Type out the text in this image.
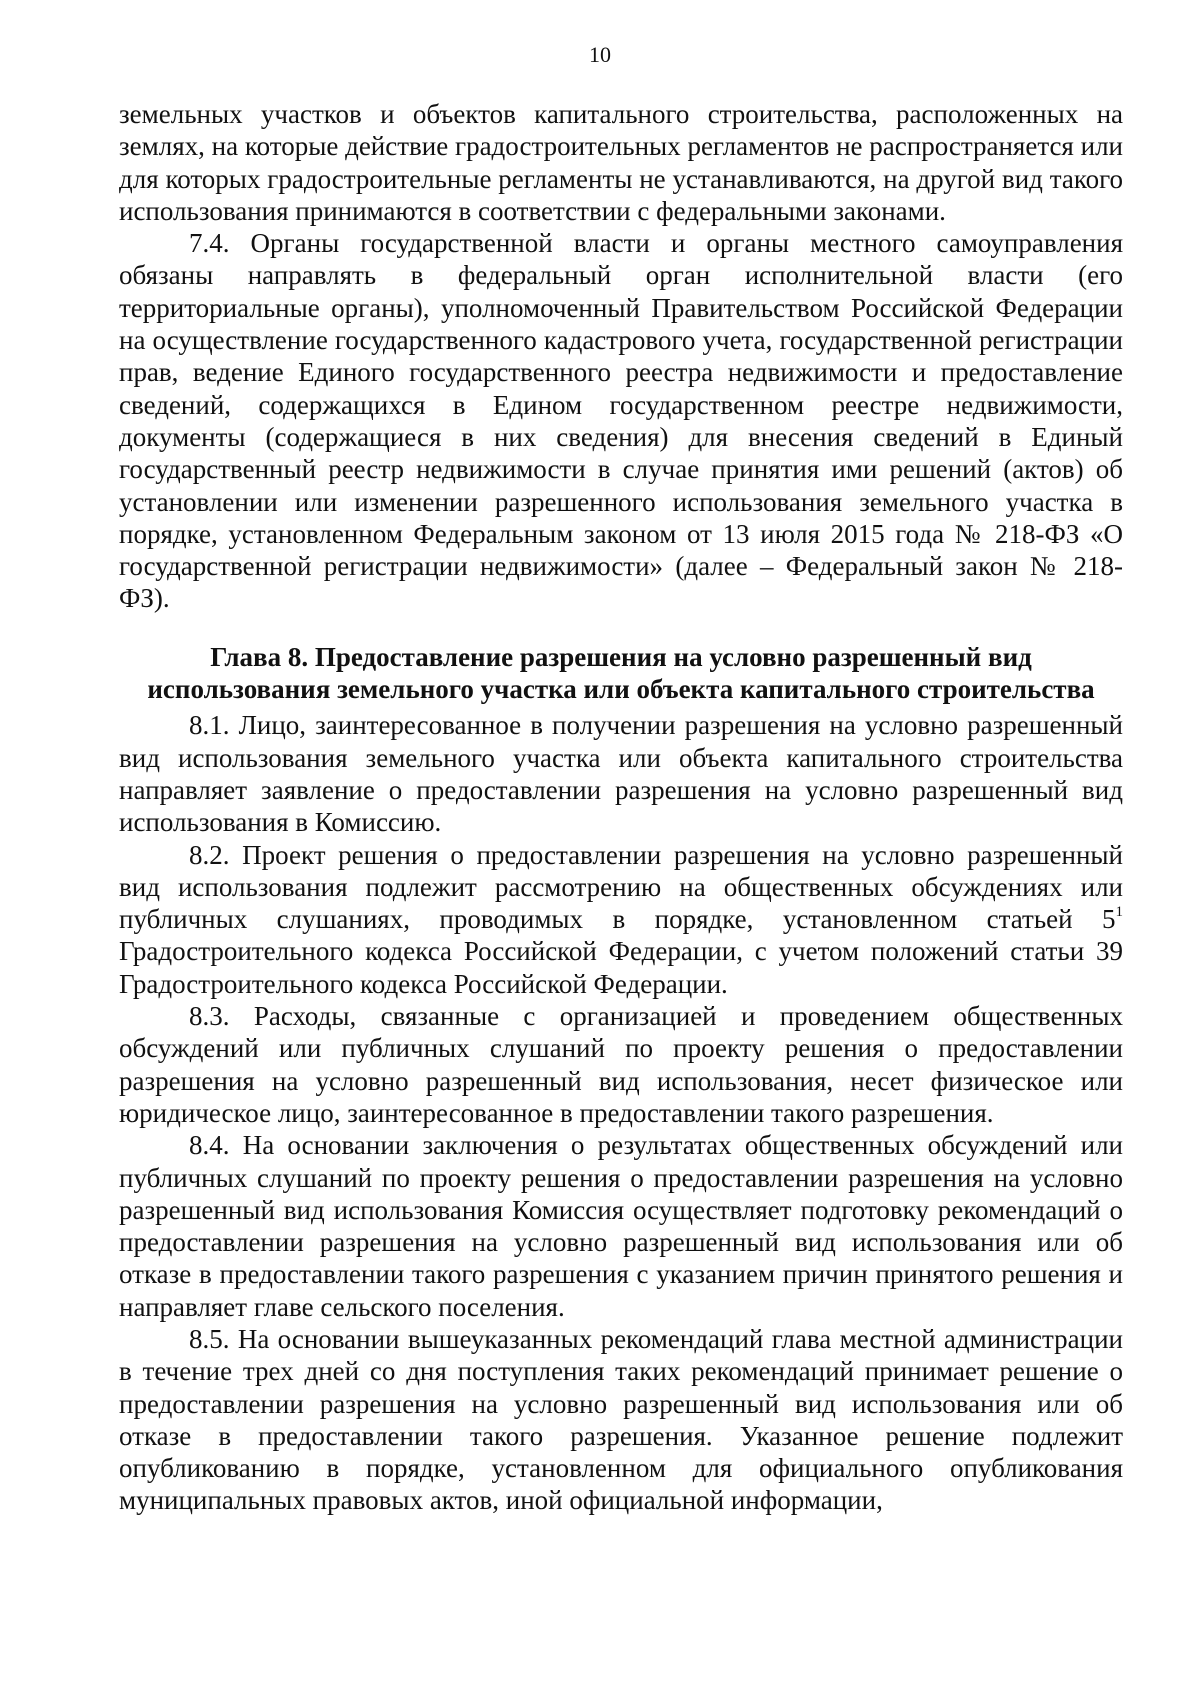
10

земельных участков и объектов капитального строительства, расположенных на землях, на которые действие градостроительных регламентов не распространяется или для которых градостроительные регламенты не устанавливаются, на другой вид такого использования принимаются в соответствии с федеральными законами.

7.4. Органы государственной власти и органы местного самоуправления обязаны направлять в федеральный орган исполнительной власти (его территориальные органы), уполномоченный Правительством Российской Федерации на осуществление государственного кадастрового учета, государственной регистрации прав, ведение Единого государственного реестра недвижимости и предоставление сведений, содержащихся в Едином государственном реестре недвижимости, документы (содержащиеся в них сведения) для внесения сведений в Единый государственный реестр недвижимости в случае принятия ими решений (актов) об установлении или изменении разрешенного использования земельного участка в порядке, установленном Федеральным законом от 13 июля 2015 года № 218-ФЗ «О государственной регистрации недвижимости» (далее – Федеральный закон № 218-ФЗ).

Глава 8. Предоставление разрешения на условно разрешенный вид использования земельного участка или объекта капитального строительства

8.1. Лицо, заинтересованное в получении разрешения на условно разрешенный вид использования земельного участка или объекта капитального строительства направляет заявление о предоставлении разрешения на условно разрешенный вид использования в Комиссию.

8.2. Проект решения о предоставлении разрешения на условно разрешенный вид использования подлежит рассмотрению на общественных обсуждениях или публичных слушаниях, проводимых в порядке, установленном статьей $5^1$ Градостроительного кодекса Российской Федерации, с учетом положений статьи 39 Градостроительного кодекса Российской Федерации.

8.3. Расходы, связанные с организацией и проведением общественных обсуждений или публичных слушаний по проекту решения о предоставлении разрешения на условно разрешенный вид использования, несет физическое или юридическое лицо, заинтересованное в предоставлении такого разрешения.

8.4. На основании заключения о результатах общественных обсуждений или публичных слушаний по проекту решения о предоставлении разрешения на условно разрешенный вид использования Комиссия осуществляет подготовку рекомендаций о предоставлении разрешения на условно разрешенный вид использования или об отказе в предоставлении такого разрешения с указанием причин принятого решения и направляет главе сельского поселения.

8.5. На основании вышеуказанных рекомендаций глава местной администрации в течение трех дней со дня поступления таких рекомендаций принимает решение о предоставлении разрешения на условно разрешенный вид использования или об отказе в предоставлении такого разрешения. Указанное решение подлежит опубликованию в порядке, установленном для официального опубликования муниципальных правовых актов, иной официальной информации,
